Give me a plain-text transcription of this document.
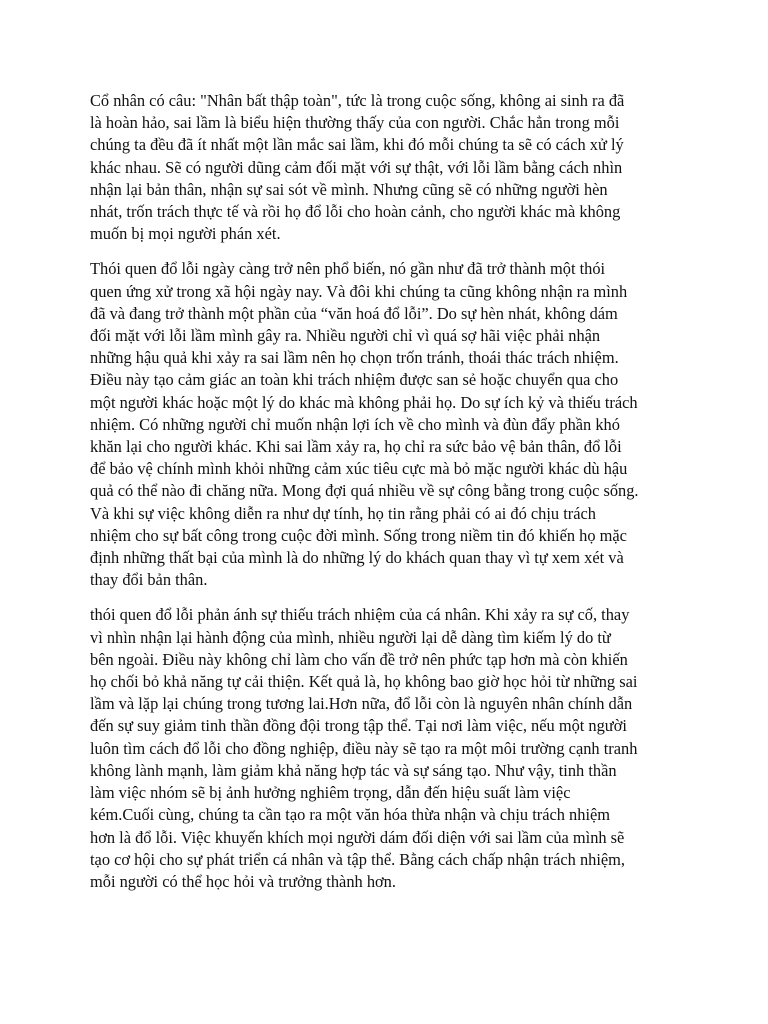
Cổ nhân có câu: "Nhân bất thập toàn", tức là trong cuộc sống, không ai sinh ra đã
là hoàn hảo, sai lầm là biểu hiện thường thấy của con người. Chắc hẳn trong mỗi
chúng ta đều đã ít nhất một lần mắc sai lầm, khi đó mỗi chúng ta sẽ có cách xử lý
khác nhau. Sẽ có người dũng cảm đối mặt với sự thật, với lỗi lầm bằng cách nhìn
nhận lại bản thân, nhận sự sai sót về mình. Nhưng cũng sẽ có những người hèn
nhát, trốn trách thực tế và rồi họ đổ lỗi cho hoàn cảnh, cho người khác mà không
muốn bị mọi người phán xét.

Thói quen đổ lỗi ngày càng trở nên phổ biến, nó gần như đã trở thành một thói
quen ứng xử trong xã hội ngày nay. Và đôi khi chúng ta cũng không nhận ra mình
đã và đang trở thành một phần của “văn hoá đổ lỗi”. Do sự hèn nhát, không dám
đối mặt với lỗi lầm mình gây ra. Nhiều người chỉ vì quá sợ hãi việc phải nhận
những hậu quả khi xảy ra sai lầm nên họ chọn trốn tránh, thoái thác trách nhiệm.
Điều này tạo cảm giác an toàn khi trách nhiệm được san sẻ hoặc chuyển qua cho
một người khác hoặc một lý do khác mà không phải họ. Do sự ích kỷ và thiếu trách
nhiệm. Có những người chỉ muốn nhận lợi ích về cho mình và đùn đẩy phần khó
khăn lại cho người khác. Khi sai lầm xảy ra, họ chỉ ra sức bảo vệ bản thân, đổ lỗi
để bảo vệ chính mình khỏi những cảm xúc tiêu cực mà bỏ mặc người khác dù hậu
quả có thể nào đi chăng nữa. Mong đợi quá nhiều về sự công bằng trong cuộc sống.
Và khi sự việc không diễn ra như dự tính, họ tin rằng phải có ai đó chịu trách
nhiệm cho sự bất công trong cuộc đời mình. Sống trong niềm tin đó khiến họ mặc
định những thất bại của mình là do những lý do khách quan thay vì tự xem xét và
thay đổi bản thân.

thói quen đổ lỗi phản ánh sự thiếu trách nhiệm của cá nhân. Khi xảy ra sự cố, thay
vì nhìn nhận lại hành động của mình, nhiều người lại dễ dàng tìm kiếm lý do từ
bên ngoài. Điều này không chỉ làm cho vấn đề trở nên phức tạp hơn mà còn khiến
họ chối bỏ khả năng tự cải thiện. Kết quả là, họ không bao giờ học hỏi từ những sai
lầm và lặp lại chúng trong tương lai.Hơn nữa, đổ lỗi còn là nguyên nhân chính dẫn
đến sự suy giảm tinh thần đồng đội trong tập thể. Tại nơi làm việc, nếu một người
luôn tìm cách đổ lỗi cho đồng nghiệp, điều này sẽ tạo ra một môi trường cạnh tranh
không lành mạnh, làm giảm khả năng hợp tác và sự sáng tạo. Như vậy, tinh thần
làm việc nhóm sẽ bị ảnh hưởng nghiêm trọng, dẫn đến hiệu suất làm việc
kém.Cuối cùng, chúng ta cần tạo ra một văn hóa thừa nhận và chịu trách nhiệm
hơn là đổ lỗi. Việc khuyến khích mọi người dám đối diện với sai lầm của mình sẽ
tạo cơ hội cho sự phát triển cá nhân và tập thể. Bằng cách chấp nhận trách nhiệm,
mỗi người có thể học hỏi và trưởng thành hơn.
